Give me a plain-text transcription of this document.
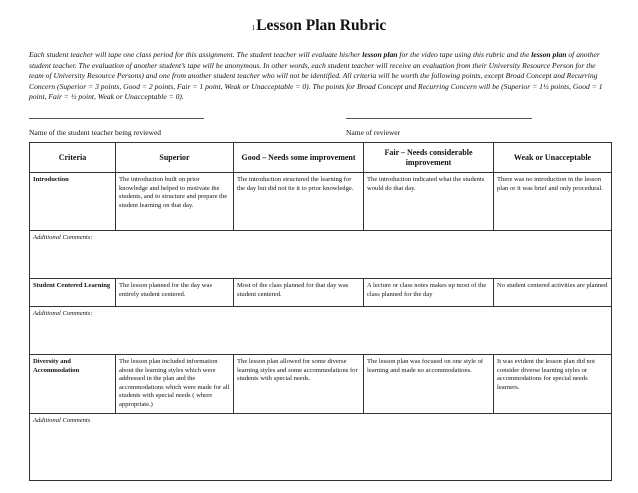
1Lesson Plan Rubric
Each student teacher will tape one class period for this assignment. The student teacher will evaluate his/her lesson plan for the video tape using this rubric and the lesson plan of another student teacher. The evaluation of another student’s tape will be anonymous. In other words, each student teacher will receive an evaluation from their University Resource Person for the team of University Resource Persons) and one from another student teacher who will not be identified. All criteria will be worth the following points, except Broad Concept and Recurring Concern (Superior = 3 points, Good = 2 points, Fair = 1 point, Weak or Unacceptable = 0). The points for Broad Concept and Recurring Concern will be (Superior = 1½ points, Good = 1 point, Fair = ½ point, Weak or Unacceptable = 0).
Name of the student teacher being reviewed	Name of reviewer
Criteria	Superior	Good – Needs some improvement	Fair – Needs considerable improvement	Weak or Unacceptable
Introduction	The introduction built on prior knowledge and helped to motivate the students, and to structure and prepare the student learning on that day.	The introduction structured the learning for the day but did not tie it to prior knowledge.	The introduction indicated what the students would do that day.	There was no introduction in the lesson plan or it was brief and only procedural.
Additional Comments:				
Student Centered Learning	The lesson planned for the day was entirely student centered.	Most of the class planned for that day was student centered.	A lecture or class notes makes up most of the class planned for the day	No student centered activities are planned
Additional Comments:				
Diversity and Accommodation	The lesson plan included information about the learning styles which were addressed in the plan and the accommodations which were made for all students with special needs ( where appropriate.)	The lesson plan allowed for some diverse learning styles and some accommodations for students with special needs.	The lesson plan was focused on one style of learning and made no accommodations.	It was evident the lesson plan did not consider diverse learning styles or accommodations for special needs learners.
Additional Comments				
